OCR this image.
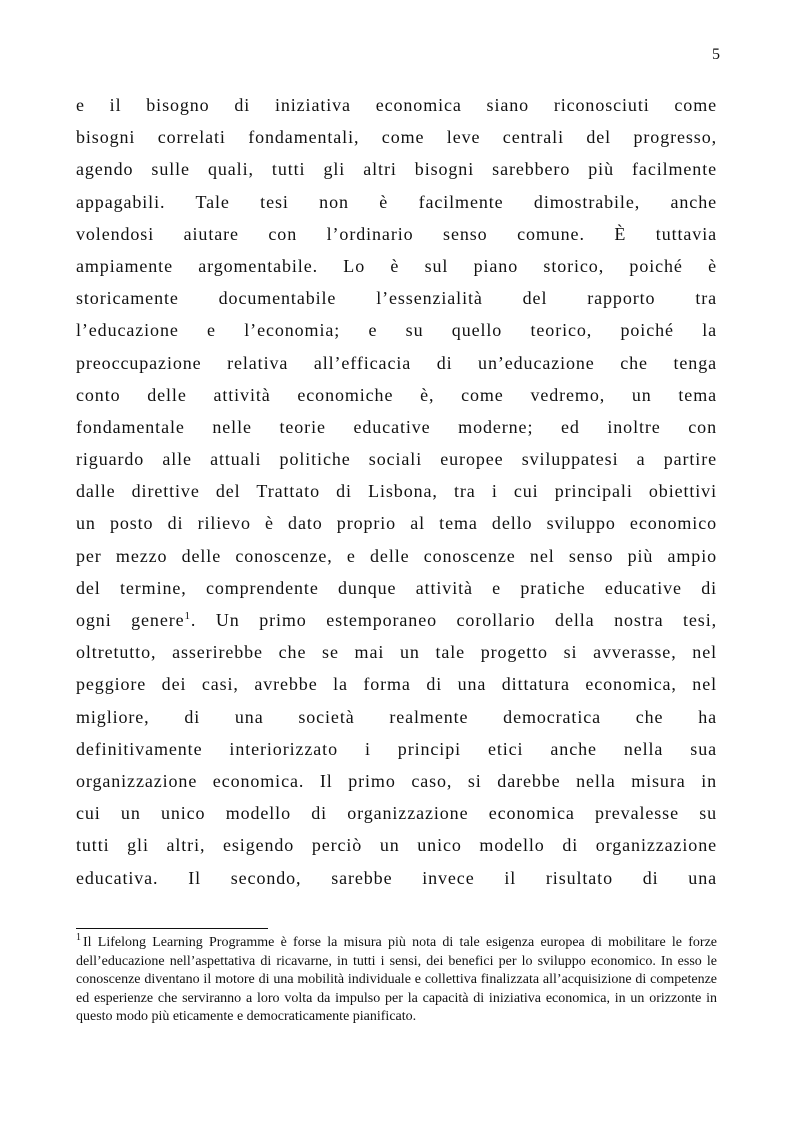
5
e il bisogno di iniziativa economica siano riconosciuti come
bisogni correlati fondamentali, come leve centrali del progresso,
agendo sulle quali, tutti gli altri bisogni sarebbero più facilmente
appagabili. Tale tesi non è facilmente dimostrabile, anche
volendosi aiutare con l’ordinario senso comune. È tuttavia
ampiamente argomentabile. Lo è sul piano storico, poiché è
storicamente documentabile l’essenzialità del rapporto tra
l’educazione e l’economia; e su quello teorico, poiché la
preoccupazione relativa all’efficacia di un’educazione che tenga
conto delle attività economiche è, come vedremo, un tema
fondamentale nelle teorie educative moderne; ed inoltre con
riguardo alle attuali politiche sociali europee sviluppatesi a partire
dalle direttive del Trattato di Lisbona, tra i cui principali obiettivi
un posto di rilievo è dato proprio al tema dello sviluppo economico
per mezzo delle conoscenze, e delle conoscenze nel senso più ampio
del termine, comprendente dunque attività e pratiche educative di
ogni genere$^1$. Un primo estemporaneo corollario della nostra tesi,
oltretutto, asserirebbe che se mai un tale progetto si avverasse, nel
peggiore dei casi, avrebbe la forma di una dittatura economica, nel
migliore, di una società realmente democratica che ha
definitivamente interiorizzato i principi etici anche nella sua
organizzazione economica. Il primo caso, si darebbe nella misura in
cui un unico modello di organizzazione economica prevalesse su
tutti gli altri, esigendo perciò un unico modello di organizzazione
educativa. Il secondo, sarebbe invece il risultato di una
$^1$ Il Lifelong Learning Programme è forse la misura più nota di tale esigenza europea di mobilitare le forze dell’educazione nell’aspettativa di ricavarne, in tutti i sensi, dei benefici per lo sviluppo economico. In esso le conoscenze diventano il motore di una mobilità individuale e collettiva finalizzata all’acquisizione di competenze ed esperienze che serviranno a loro volta da impulso per la capacità di iniziativa economica, in un orizzonte in questo modo più eticamente e democraticamente pianificato.
